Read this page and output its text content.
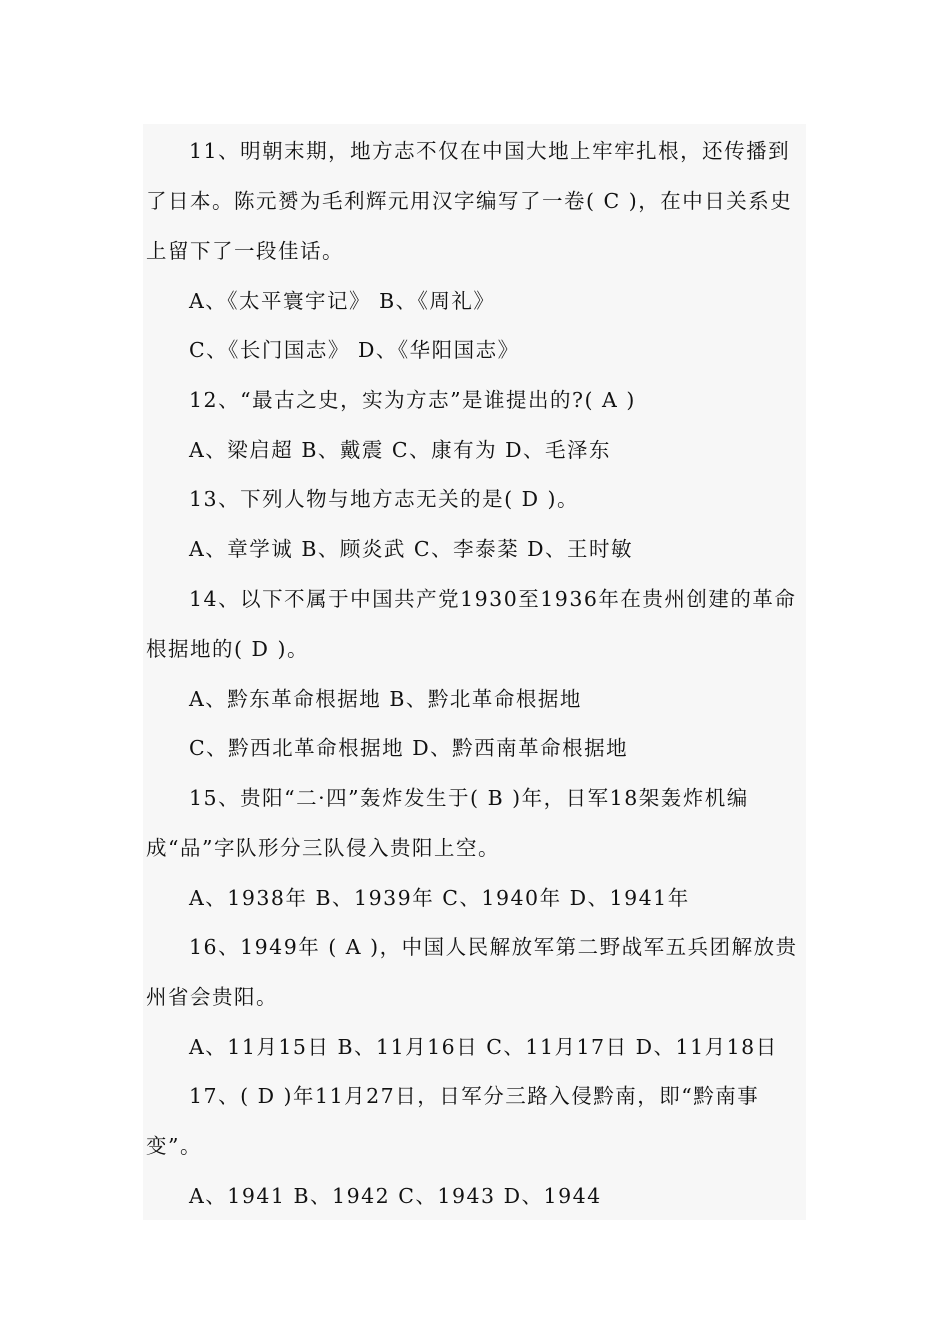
11、明朝末期，地方志不仅在中国大地上牢牢扎根，还传播到
了日本。陈元赟为毛利辉元用汉字编写了一卷( C )，在中日关系史
上留下了一段佳话。
A、《太平寰宇记》 B、《周礼》
C、《长门国志》 D、《华阳国志》
12、“最古之史，实为方志”是谁提出的?( A )
A、梁启超 B、戴震 C、康有为 D、毛泽东
13、下列人物与地方志无关的是( D )。
A、章学诚 B、顾炎武 C、李泰棻 D、王时敏
14、以下不属于中国共产党1930至1936年在贵州创建的革命
根据地的( D )。
A、黔东革命根据地 B、黔北革命根据地
C、黔西北革命根据地 D、黔西南革命根据地
15、贵阳“二·四”轰炸发生于( B )年，日军18架轰炸机编
成“品”字队形分三队侵入贵阳上空。
A、1938年 B、1939年 C、1940年 D、1941年
16、1949年 ( A )，中国人民解放军第二野战军五兵团解放贵
州省会贵阳。
A、11月15日 B、11月16日 C、11月17日 D、11月18日
17、( D )年11月27日，日军分三路入侵黔南，即“黔南事
变”。
A、1941 B、1942 C、1943 D、1944
